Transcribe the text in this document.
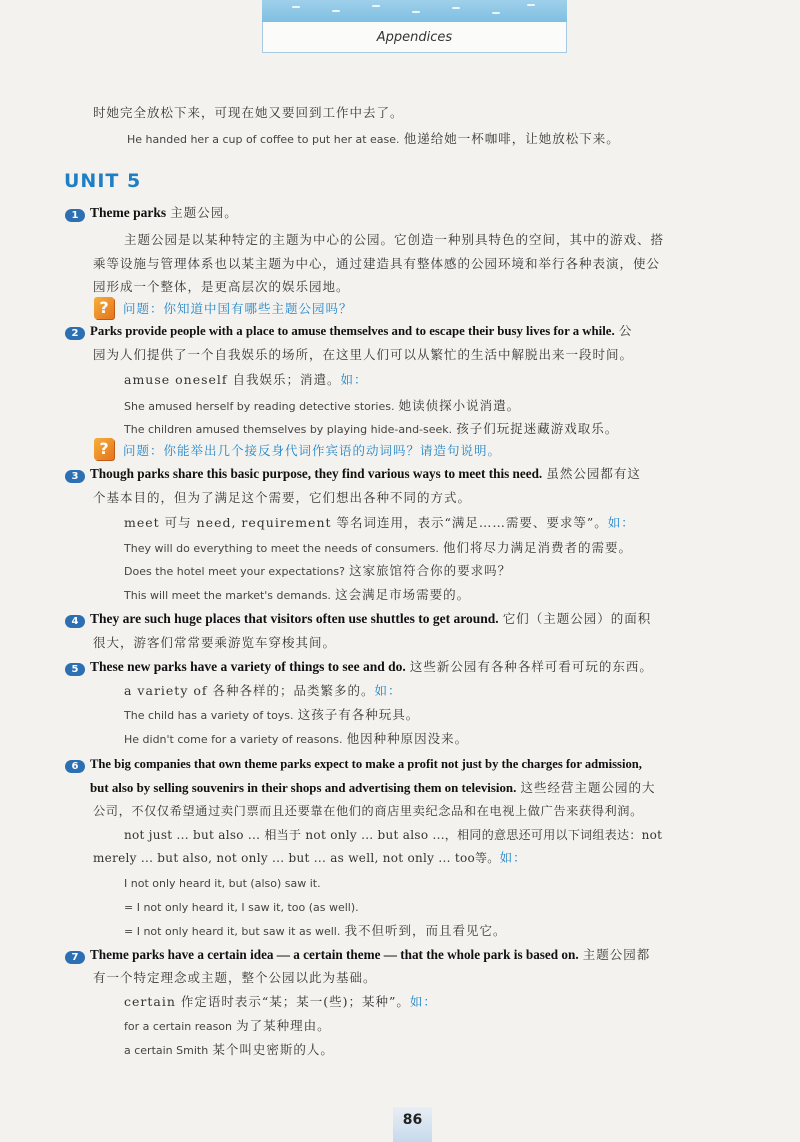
Appendices
时她完全放松下来，可现在她又要回到工作中去了。
He handed her a cup of coffee to put her at ease. 他递给她一杯咖啡，让她放松下来。
UNIT 5
1 Theme parks 主题公园。
主题公园是以某种特定的主题为中心的公园。它创造一种别具特色的空间，其中的游戏、搭
乘等设施与管理体系也以某主题为中心，通过建造具有整体感的公园环境和举行各种表演，使公
园形成一个整体，是更高层次的娱乐园地。
?	问题：你知道中国有哪些主题公园吗？
2 Parks provide people with a place to amuse themselves and to escape their busy lives for a while. 公
园为人们提供了一个自我娱乐的场所，在这里人们可以从繁忙的生活中解脱出来一段时间。
amuse oneself 自我娱乐；消遣。如：
She amused herself by reading detective stories. 她读侦探小说消遣。
The children amused themselves by playing hide-and-seek. 孩子们玩捉迷藏游戏取乐。
?	问题：你能举出几个接反身代词作宾语的动词吗？请造句说明。
3 Though parks share this basic purpose, they find various ways to meet this need. 虽然公园都有这
个基本目的，但为了满足这个需要，它们想出各种不同的方式。
meet 可与 need, requirement 等名词连用，表示“满足……需要、要求等”。如：
They will do everything to meet the needs of consumers. 他们将尽力满足消费者的需要。
Does the hotel meet your expectations? 这家旅馆符合你的要求吗？
This will meet the market's demands. 这会满足市场需要的。
4 They are such huge places that visitors often use shuttles to get around. 它们（主题公园）的面积
很大，游客们常常要乘游览车穿梭其间。
5 These new parks have a variety of things to see and do. 这些新公园有各种各样可看可玩的东西。
a variety of 各种各样的；品类繁多的。如：
The child has a variety of toys. 这孩子有各种玩具。
He didn't come for a variety of reasons. 他因种种原因没来。
6 The big companies that own theme parks expect to make a profit not just by the charges for admission,
but also by selling souvenirs in their shops and advertising them on television. 这些经营主题公园的大
公司，不仅仅希望通过卖门票而且还要靠在他们的商店里卖纪念品和在电视上做广告来获得利润。
not just ... but also ... 相当于 not only ... but also ...，相同的意思还可用以下词组表达：not
merely ... but also, not only ... but ... as well, not only ... too等。如：
I not only heard it, but (also) saw it.
= I not only heard it, I saw it, too (as well).
= I not only heard it, but saw it as well. 我不但听到，而且看见它。
7 Theme parks have a certain idea — a certain theme — that the whole park is based on. 主题公园都
有一个特定理念或主题，整个公园以此为基础。
certain 作定语时表示“某；某一(些)；某种”。如：
for a certain reason 为了某种理由。
a certain Smith 某个叫史密斯的人。
86
